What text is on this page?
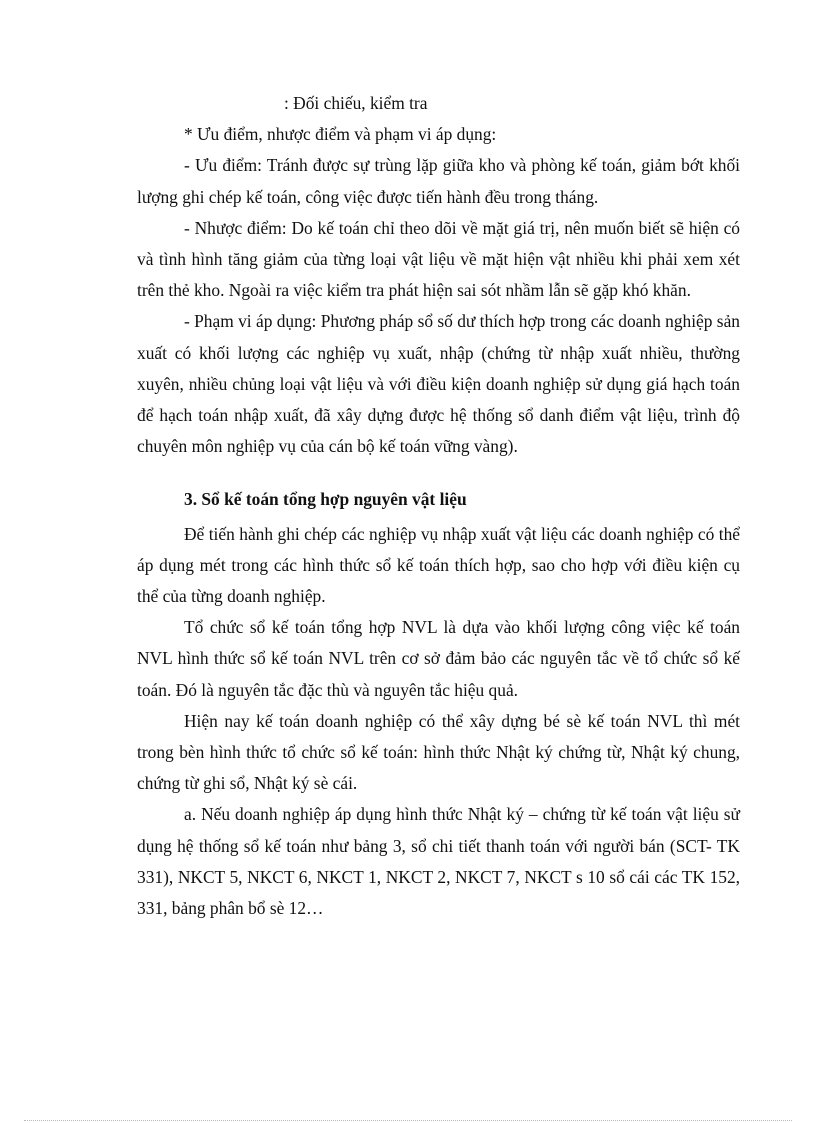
: Đối chiếu, kiểm tra

* Ưu điểm, nhược điểm và phạm vi áp dụng:

- Ưu điểm: Tránh được sự trùng lặp giữa kho và phòng kế toán, giảm bớt khối lượng ghi chép kế toán, công việc được tiến hành đều trong tháng.

- Nhược điểm: Do kế toán chỉ theo dõi về mặt giá trị, nên muốn biết sẽ hiện có và tình hình tăng giảm của từng loại vật liệu về mặt hiện vật nhiều khi phải xem xét trên thẻ kho. Ngoài ra việc kiểm tra phát hiện sai sót nhầm lẫn sẽ gặp khó khăn.

- Phạm vi áp dụng: Phương pháp sổ số dư thích hợp trong các doanh nghiệp sản xuất có khối lượng các nghiệp vụ xuất, nhập (chứng từ nhập xuất nhiều, thường xuyên, nhiều chủng loại vật liệu và với điều kiện doanh nghiệp sử dụng giá hạch toán để hạch toán nhập xuất, đã xây dựng được hệ thống sổ danh điểm vật liệu, trình độ chuyên môn nghiệp vụ của cán bộ kế toán vững vàng).

3. Sổ kế toán tổng hợp nguyên vật liệu

Để tiến hành ghi chép các nghiệp vụ nhập xuất vật liệu các doanh nghiệp có thể áp dụng mét trong các hình thức sổ kế toán thích hợp, sao cho hợp với điều kiện cụ thể của từng doanh nghiệp.

Tổ chức sổ kế toán tổng hợp NVL là dựa vào khối lượng công việc kế toán NVL hình thức sổ kế toán NVL trên cơ sở đảm bảo các nguyên tắc về tổ chức sổ kế toán. Đó là nguyên tắc đặc thù và nguyên tắc hiệu quả.

Hiện nay kế toán doanh nghiệp có thể xây dựng bé sè kế toán NVL thì mét trong bèn hình thức tổ chức sổ kế toán: hình thức Nhật ký chứng từ, Nhật ký chung, chứng từ ghi sổ, Nhật ký sè cái.

a. Nếu doanh nghiệp áp dụng hình thức Nhật ký – chứng từ kế toán vật liệu sử dụng hệ thống sổ kế toán như bảng 3, sổ chi tiết thanh toán với người bán (SCT- TK 331), NKCT 5, NKCT 6, NKCT 1, NKCT 2, NKCT 7, NKCT s 10 sổ cái các TK 152, 331, bảng phân bổ sè 12…
